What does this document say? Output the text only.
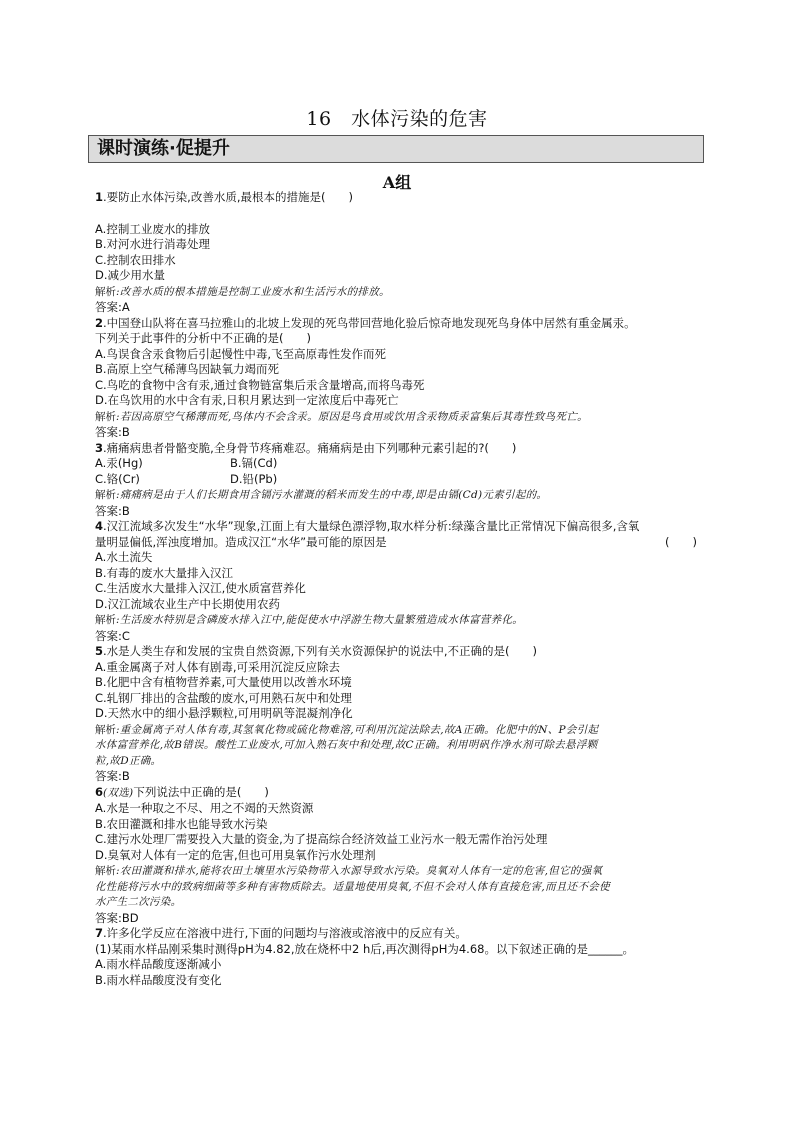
16　水体污染的危害
课时演练·促提升
A组
1.要防止水体污染,改善水质,最根本的措施是(　　)
A.控制工业废水的排放
B.对河水进行消毒处理
C.控制农田排水
D.减少用水量
解析:改善水质的根本措施是控制工业废水和生活污水的排放。
答案:A
2.中国登山队将在喜马拉雅山的北坡上发现的死鸟带回营地化验后惊奇地发现死鸟身体中居然有重金属汞。
下列关于此事件的分析中不正确的是(　　)
A.鸟误食含汞食物后引起慢性中毒,飞至高原毒性发作而死
B.高原上空气稀薄鸟因缺氧力竭而死
C.鸟吃的食物中含有汞,通过食物链富集后汞含量增高,而将鸟毒死
D.在鸟饮用的水中含有汞,日积月累达到一定浓度后中毒死亡
解析:若因高原空气稀薄而死,鸟体内不会含汞。原因是鸟食用或饮用含汞物质汞富集后其毒性致鸟死亡。
答案:B
3.痛痛病患者骨骼变脆,全身骨节疼痛难忍。痛痛病是由下列哪种元素引起的?(　　)
A.汞(Hg)	B.镉(Cd)
C.铬(Cr)	D.铅(Pb)
解析:痛痛病是由于人们长期食用含镉污水灌溉的稻米而发生的中毒,即是由镉(Cd)元素引起的。
答案:B
4.汉江流域多次发生“水华”现象,江面上有大量绿色漂浮物,取水样分析:绿藻含量比正常情况下偏高很多,含氧
量明显偏低,浑浊度增加。造成汉江“水华”最可能的原因是	(　　)
A.水土流失
B.有毒的废水大量排入汉江
C.生活废水大量排入汉江,使水质富营养化
D.汉江流域农业生产中长期使用农药
解析:生活废水特别是含磷废水排入江中,能促使水中浮游生物大量繁殖造成水体富营养化。
答案:C
5.水是人类生存和发展的宝贵自然资源,下列有关水资源保护的说法中,不正确的是(　　)
A.重金属离子对人体有剧毒,可采用沉淀反应除去
B.化肥中含有植物营养素,可大量使用以改善水环境
C.轧钢厂排出的含盐酸的废水,可用熟石灰中和处理
D.天然水中的细小悬浮颗粒,可用明矾等混凝剂净化
解析:重金属离子对人体有毒,其氢氧化物或硫化物难溶,可利用沉淀法除去,故A正确。化肥中的N、P会引起
水体富营养化,故B错误。酸性工业废水,可加入熟石灰中和处理,故C正确。利用明矾作净水剂可除去悬浮颗
粒,故D正确。
答案:B
6(双选)下列说法中正确的是(　　)
A.水是一种取之不尽、用之不竭的天然资源
B.农田灌溉和排水也能导致水污染
C.建污水处理厂需要投入大量的资金,为了提高综合经济效益工业污水一般无需作治污处理
D.臭氧对人体有一定的危害,但也可用臭氧作污水处理剂
解析:农田灌溉和排水,能将农田土壤里水污染物带入水源导致水污染。臭氧对人体有一定的危害,但它的强氧
化性能将污水中的致病细菌等多种有害物质除去。适量地使用臭氧,不但不会对人体有直接危害,而且还不会使
水产生二次污染。
答案:BD
7.许多化学反应在溶液中进行,下面的问题均与溶液或溶液中的反应有关。
(1)某雨水样品刚采集时测得pH为4.82,放在烧杯中2 h后,再次测得pH为4.68。以下叙述正确的是______。
A.雨水样品酸度逐渐减小
B.雨水样品酸度没有变化
